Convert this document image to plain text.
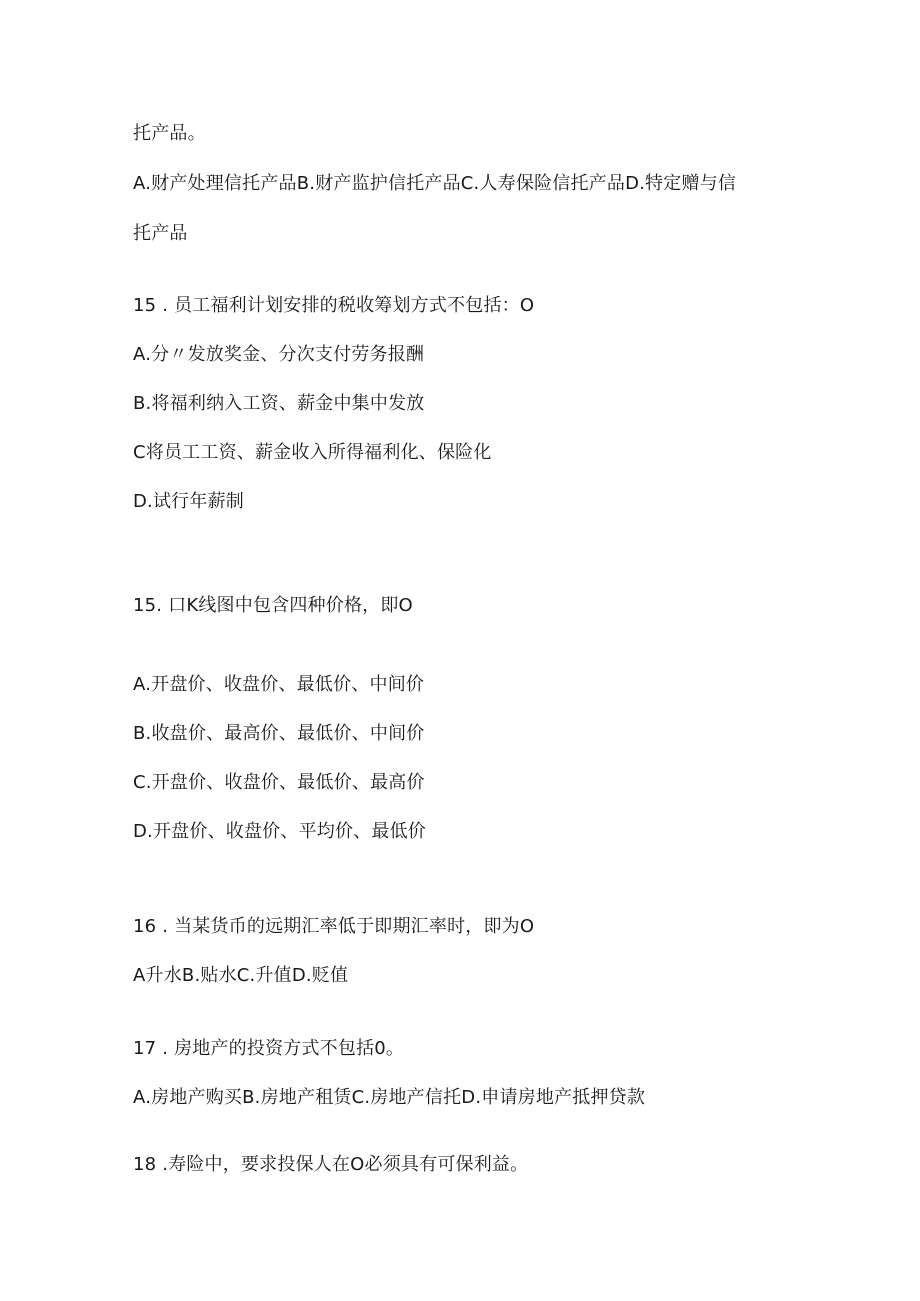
托产品。
A.财产处理信托产品B.财产监护信托产品C.人寿保险信托产品D.特定赠与信
托产品
15 . 员工福利计划安排的税收筹划方式不包括：O
A.分〃发放奖金、分次支付劳务报酬
B.将福利纳入工资、薪金中集中发放
C将员工工资、薪金收入所得福利化、保险化
D.试行年薪制
15. 口K线图中包含四种价格，即O
A.开盘价、收盘价、最低价、中间价
B.收盘价、最高价、最低价、中间价
C.开盘价、收盘价、最低价、最高价
D.开盘价、收盘价、平均价、最低价
16 . 当某货币的远期汇率低于即期汇率时，即为O
A升水B.贴水C.升值D.贬值
17 . 房地产的投资方式不包括0。
A.房地产购买B.房地产租赁C.房地产信托D.申请房地产抵押贷款
18 .寿险中，要求投保人在O必须具有可保利益。
